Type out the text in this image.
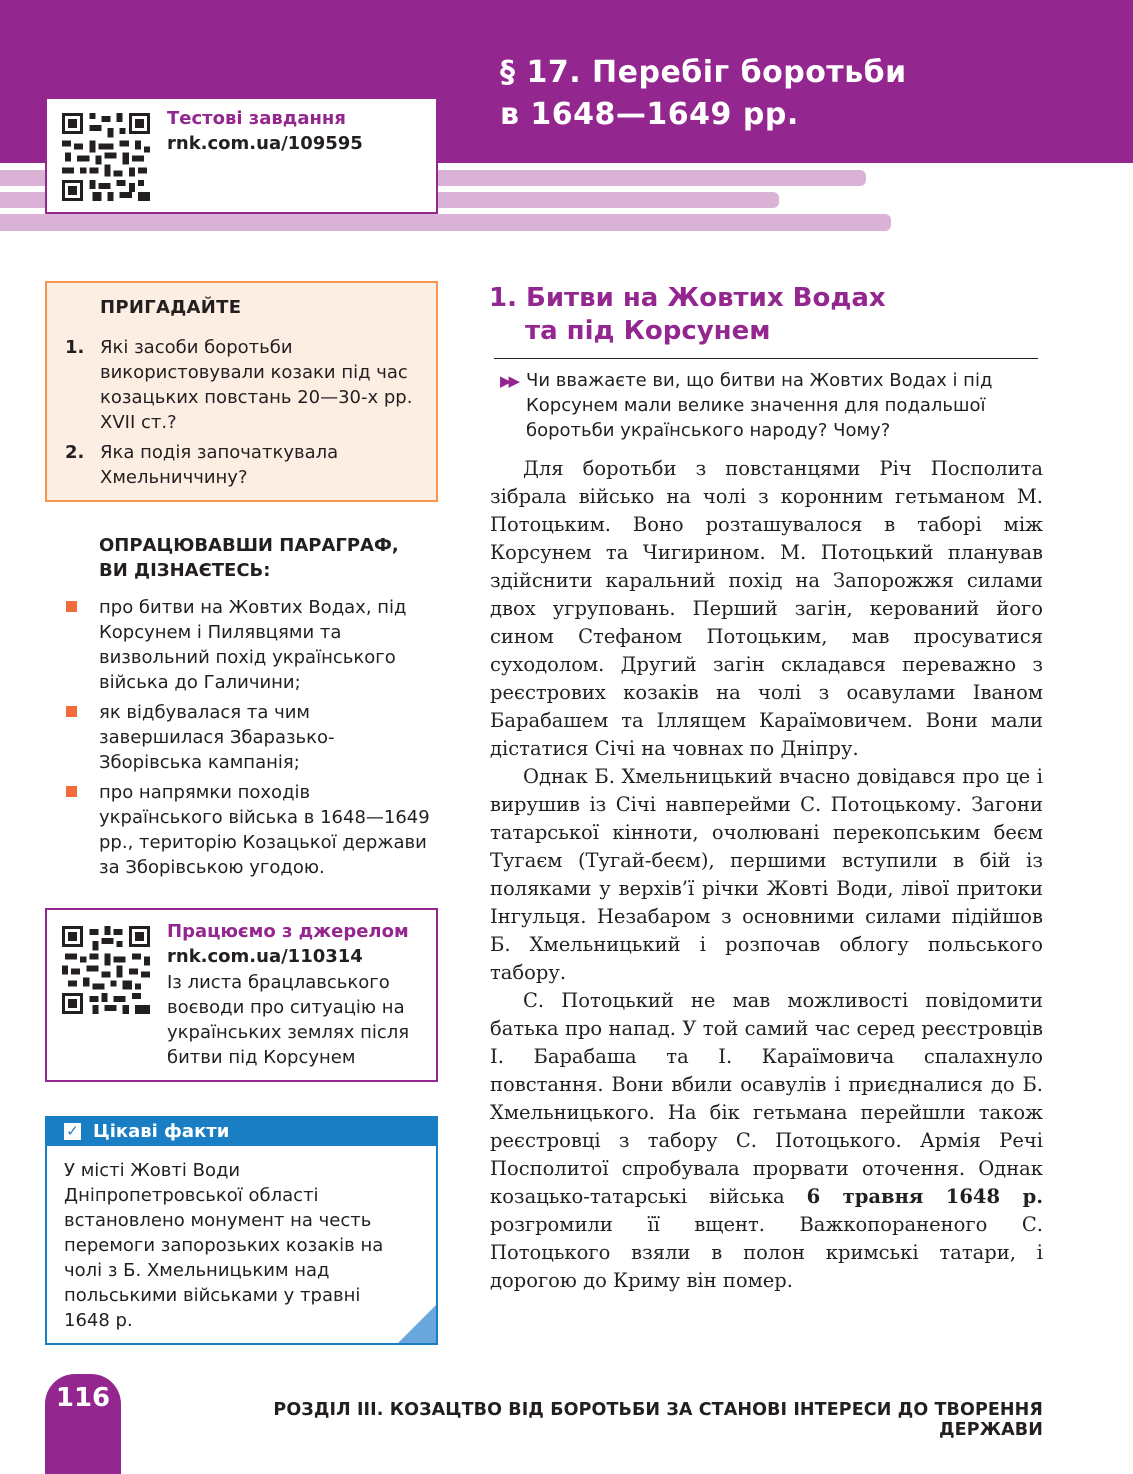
§ 17. Перебіг боротьби
в 1648—1649 рр.
Тестові завдання
rnk.com.ua/109595
ПРИГАДАЙТЕ
1. Які засоби боротьби використовували козаки під час козацьких повстань 20—30-х рр. XVII ст.?
2. Яка подія започаткувала Хмельниччину?
ОПРАЦЮВАВШИ ПАРАГРАФ, ВИ ДІЗНАЄТЕСЬ:
про битви на Жовтих Водах, під Корсунем і Пилявцями та визвольний похід українського війська до Галичини;
як відбувалася та чим завершилася Збаразько-Зборівська кампанія;
про напрямки походів українського війська в 1648—1649 рр., територію Козацької держави за Зборівською угодою.
Працюємо з джерелом
rnk.com.ua/110314
Із листа брацлавського воєводи про ситуацію на українських землях після битви під Корсунем
✓ Цікаві факти
У місті Жовті Води Дніпропетровської області встановлено монумент на честь перемоги запорозьких козаків на чолі з Б. Хмельницьким над польськими військами у травні 1648 р.
1. Битви на Жовтих Водах
та під Корсунем
▶▶ Чи вважаєте ви, що битви на Жовтих Водах і під Корсунем мали велике значення для подальшої боротьби українського народу? Чому?

Для боротьби з повстанцями Річ Посполита зібрала військо на чолі з коронним гетьманом М. Потоцьким. Воно розташувалося в таборі між Корсунем та Чигирином. М. Потоцький планував здійснити каральний похід на Запорожжя силами двох угруповань. Перший загін, керований його сином Стефаном Потоцьким, мав просуватися суходолом. Другий загін складався переважно з реєстрових козаків на чолі з осавулами Іваном Барабашем та Іллящем Караїмовичем. Вони мали дістатися Січі на човнах по Дніпру.

Однак Б. Хмельницький вчасно довідався про це і вирушив із Січі навперейми С. Потоцькому. Загони татарської кінноти, очолювані перекопським беєм Тугаєм (Тугай-беєм), першими вступили в бій із поляками у верхів’ї річки Жовті Води, лівої притоки Інгульця. Незабаром з основними силами підійшов Б. Хмельницький і розпочав облогу польського табору.

С. Потоцький не мав можливості повідомити батька про напад. У той самий час серед реєстровців І. Барабаша та І. Караїмовича спалахнуло повстання. Вони вбили осавулів і приєдналися до Б. Хмельницького. На бік гетьмана перейшли також реєстровці з табору С. Потоцького. Армія Речі Посполитої спробувала прорвати оточення. Однак козацько-татарські війська 6 травня 1648 р. розгромили її вщент. Важкопораненого С. Потоцького взяли в полон кримські татари, і дорогою до Криму він помер.

116	РОЗДІЛ ІІІ. КОЗАЦТВО ВІД БОРОТЬБИ ЗА СТАНОВІ ІНТЕРЕСИ ДО ТВОРЕННЯ ДЕРЖАВИ
